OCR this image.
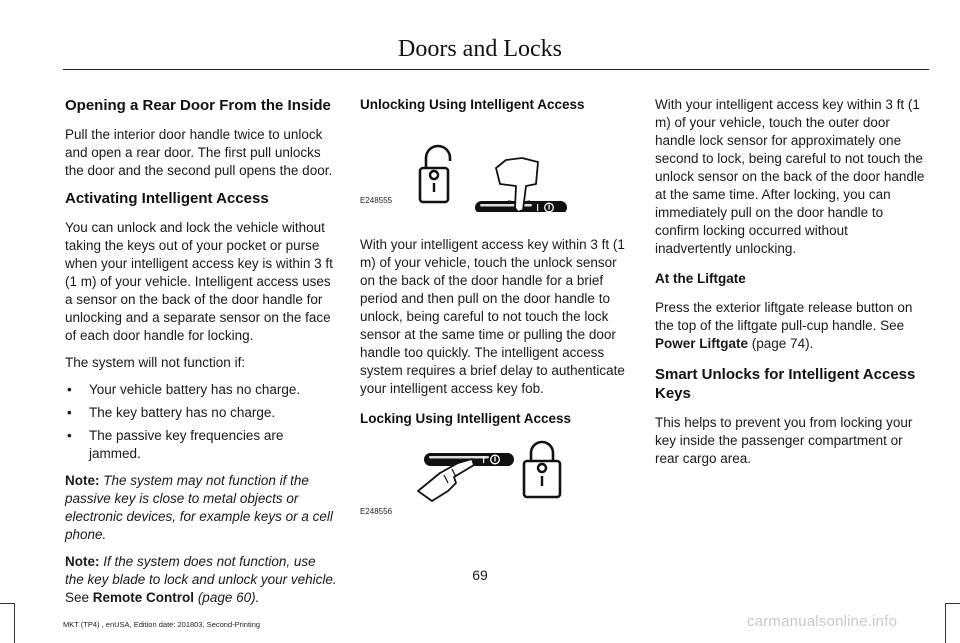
Doors and Locks
Opening a Rear Door From the Inside

Pull the interior door handle twice to unlock and open a rear door. The first pull unlocks the door and the second pull opens the door.

Activating Intelligent Access

You can unlock and lock the vehicle without taking the keys out of your pocket or purse when your intelligent access key is within 3 ft (1 m) of your vehicle. Intelligent access uses a sensor on the back of the door handle for unlocking and a separate sensor on the face of each door handle for locking.

The system will not function if:

• Your vehicle battery has no charge.
• The key battery has no charge.
• The passive key frequencies are jammed.

Note: The system may not function if the passive key is close to metal objects or electronic devices, for example keys or a cell phone.

Note: If the system does not function, use the key blade to lock and unlock your vehicle. See Remote Control (page 60).

Unlocking Using Intelligent Access
E248555

With your intelligent access key within 3 ft (1 m) of your vehicle, touch the unlock sensor on the back of the door handle for a brief period and then pull on the door handle to unlock, being careful to not touch the lock sensor at the same time or pulling the door handle too quickly. The intelligent access system requires a brief delay to authenticate your intelligent access key fob.

Locking Using Intelligent Access
E248556

With your intelligent access key within 3 ft (1 m) of your vehicle, touch the outer door handle lock sensor for approximately one second to lock, being careful to not touch the unlock sensor on the back of the door handle at the same time. After locking, you can immediately pull on the door handle to confirm locking occurred without inadvertently unlocking.

At the Liftgate

Press the exterior liftgate release button on the top of the liftgate pull-cup handle. See Power Liftgate (page 74).

Smart Unlocks for Intelligent Access Keys

This helps to prevent you from locking your key inside the passenger compartment or rear cargo area.

69
MKT (TP4) , enUSA, Edition date: 201803, Second-Printing	carmanualsonline.info
